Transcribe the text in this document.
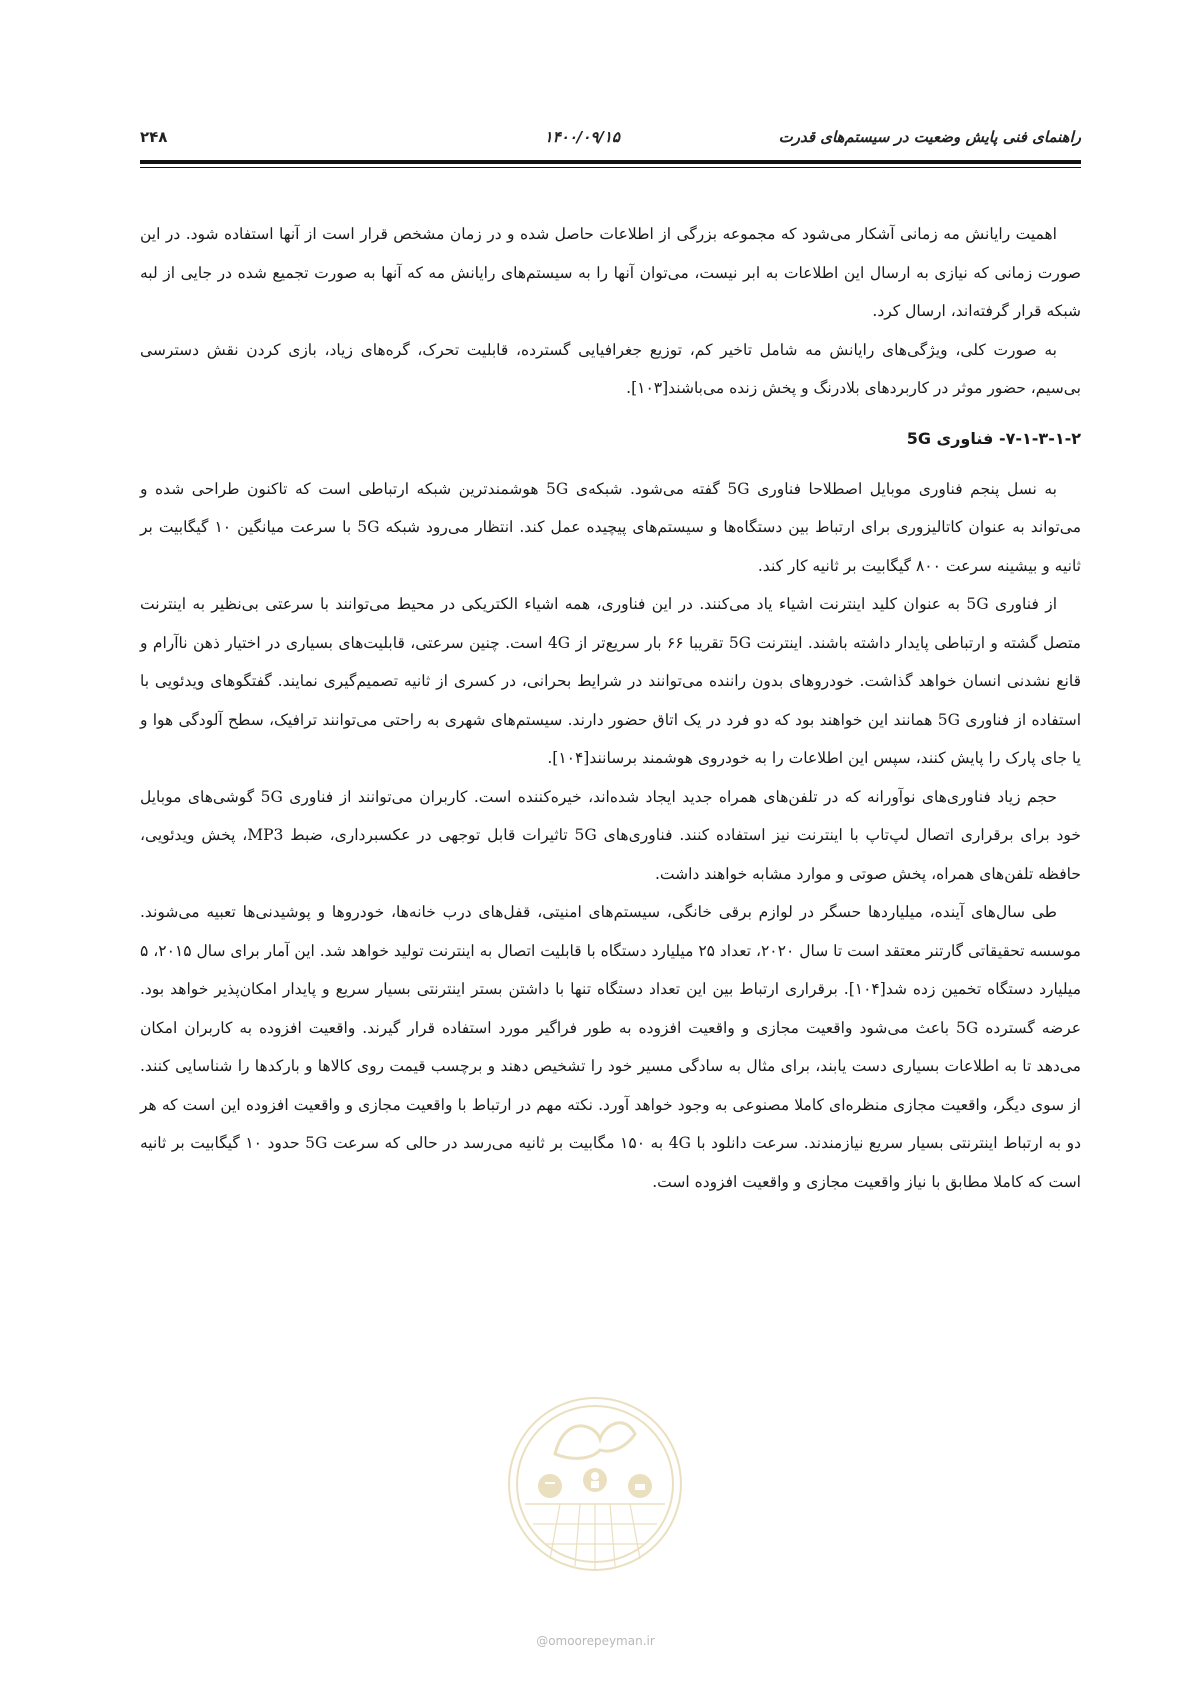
راهنمای فنی پایش وضعیت در سیستم‌های قدرت
۱۴۰۰/۰۹/۱۵
۲۴۸

اهمیت رایانش مه زمانی آشکار می‌شود که مجموعه بزرگی از اطلاعات حاصل شده و در زمان مشخص قرار است از آنها استفاده شود. در این صورت زمانی که نیازی به ارسال این اطلاعات به ابر نیست، می‌توان آنها را به سیستم‌های رایانش مه که آنها به صورت تجمیع شده در جایی از لبه شبکه قرار گرفته‌اند، ارسال کرد.

به صورت کلی، ویژگی‌های رایانش مه شامل تاخیر کم، توزیع جغرافیایی گسترده، قابلیت تحرک، گره‌های زیاد، بازی کردن نقش دسترسی بی‌سیم، حضور موثر در کاربردهای بلادرنگ و پخش زنده می‌باشند[۱۰۳].

۷-۱-۳-۱-۲- فناوری 5G

به نسل پنجم فناوری موبایل اصطلاحا فناوری 5G گفته می‌شود. شبکه‌ی 5G هوشمندترین شبکه ارتباطی است که تاکنون طراحی شده و می‌تواند به عنوان کاتالیزوری برای ارتباط بین دستگاه‌ها و سیستم‌های پیچیده عمل کند. انتظار می‌رود شبکه 5G با سرعت میانگین ۱۰ گیگابیت بر ثانیه و بیشینه سرعت ۸۰۰ گیگابیت بر ثانیه کار کند.

از فناوری 5G به عنوان کلید اینترنت اشیاء یاد می‌کنند. در این فناوری، همه اشیاء الکتریکی در محیط می‌توانند با سرعتی بی‌نظیر به اینترنت متصل گشته و ارتباطی پایدار داشته باشند. اینترنت 5G تقریبا ۶۶ بار سریع‌تر از 4G است. چنین سرعتی، قابلیت‌های بسیاری در اختیار ذهن ناآرام و قانع نشدنی انسان خواهد گذاشت. خودروهای بدون راننده می‌توانند در شرایط بحرانی، در کسری از ثانیه تصمیم‌گیری نمایند. گفتگوهای ویدئویی با استفاده از فناوری 5G همانند این خواهند بود که دو فرد در یک اتاق حضور دارند. سیستم‌های شهری به راحتی می‌توانند ترافیک، سطح آلودگی هوا و یا جای پارک را پایش کنند، سپس این اطلاعات را به خودروی هوشمند برسانند[۱۰۴].

حجم زیاد فناوری‌های نوآورانه که در تلفن‌های همراه جدید ایجاد شده‌اند، خیره‌کننده است. کاربران می‌توانند از فناوری 5G گوشی‌های موبایل خود برای برقراری اتصال لپ‌تاپ با اینترنت نیز استفاده کنند. فناوری‌های 5G تاثیرات قابل توجهی در عکسبرداری، ضبط MP3، پخش ویدئویی، حافظه تلفن‌های همراه، پخش صوتی و موارد مشابه خواهند داشت.

طی سال‌های آینده، میلیاردها حسگر در لوازم برقی خانگی، سیستم‌های امنیتی، قفل‌های درب خانه‌ها، خودروها و پوشیدنی‌ها تعبیه می‌شوند. موسسه تحقیقاتی گارتنر معتقد است تا سال ۲۰۲۰، تعداد ۲۵ میلیارد دستگاه با قابلیت اتصال به اینترنت تولید خواهد شد. این آمار برای سال ۲۰۱۵، ۵ میلیارد دستگاه تخمین زده شد[۱۰۴]. برقراری ارتباط بین این تعداد دستگاه تنها با داشتن بستر اینترنتی بسیار سریع و پایدار امکان‌پذیر خواهد بود. عرضه گسترده 5G باعث می‌شود واقعیت مجازی و واقعیت افزوده به طور فراگیر مورد استفاده قرار گیرند. واقعیت افزوده به کاربران امکان می‌دهد تا به اطلاعات بسیاری دست یابند، برای مثال به سادگی مسیر خود را تشخیص دهند و برچسب قیمت روی کالاها و بارکدها را شناسایی کنند. از سوی دیگر، واقعیت مجازی منظره‌ای کاملا مصنوعی به وجود خواهد آورد. نکته مهم در ارتباط با واقعیت مجازی و واقعیت افزوده این است که هر دو به ارتباط اینترنتی بسیار سریع نیازمندند. سرعت دانلود با 4G به ۱۵۰ مگابیت بر ثانیه می‌رسد در حالی که سرعت 5G حدود ۱۰ گیگابیت بر ثانیه است که کاملا مطابق با نیاز واقعیت مجازی و واقعیت افزوده است.

@omoorepeyman.ir
